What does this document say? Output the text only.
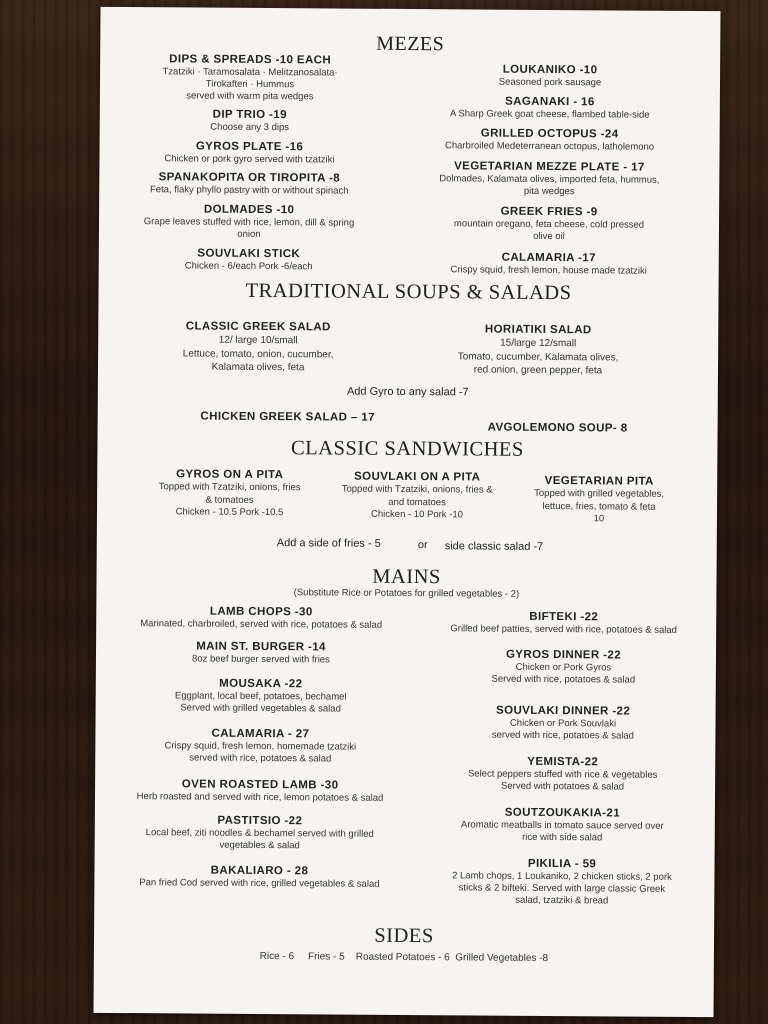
MEZES
DIPS & SPREADS -10 EACH
Tzatziki · Taramosalata · Melitzanosalata·
Tirokafteri · Hummus
served with warm pita wedges
DIP TRIO -19
Choose any 3 dips
GYROS PLATE -16
Chicken or pork gyro served with tzatziki
SPANAKOPITA OR TIROPITA -8
Feta, flaky phyllo pastry with or without spinach
DOLMADES -10
Grape leaves stuffed with rice, lemon, dill & spring
onion
SOUVLAKI STICK
Chicken - 6/each Pork -6/each
LOUKANIKO -10
Seasoned pork sausage
SAGANAKI - 16
A Sharp Greek goat cheese, flambed table-side
GRILLED OCTOPUS -24
Charbroiled Medeterranean octopus, latholemono
VEGETARIAN MEZZE PLATE - 17
Dolmades, Kalamata olives, imported feta, hummus,
pita wedges
GREEK FRIES -9
mountain oregano, feta cheese, cold pressed
olive oil
CALAMARIA -17
Crispy squid, fresh lemon, house made tzatziki
TRADITIONAL SOUPS & SALADS
CLASSIC GREEK SALAD
12/ large 10/small
Lettuce, tomato, onion, cucumber,
Kalamata olives, feta
HORIATIKI SALAD
15/large 12/small
Tomato, cucumber, Kalamata olives,
red onion, green pepper, feta
Add Gyro to any salad -7
CHICKEN GREEK SALAD – 17
AVGOLEMONO SOUP- 8
CLASSIC SANDWICHES
GYROS ON A PITA
Topped with Tzatziki, onions, fries
& tomatoes
Chicken - 10.5 Pork -10.5
SOUVLAKI ON A PITA
Topped with Tzatziki, onions, fries &
and tomatoes
Chicken - 10 Pork -10
VEGETARIAN PITA
Topped with grilled vegetables,
lettuce, fries, tomato & feta
10
Add a side of fries - 5	or	side classic salad -7
MAINS
(Substitute Rice or Potatoes for grilled vegetables - 2)
LAMB CHOPS -30
Marinated, charbroiled, served with rice, potatoes & salad
MAIN ST. BURGER -14
8oz beef burger served with fries
MOUSAKA -22
Eggplant, local beef, potatoes, bechamel
Served with grilled vegetables & salad
CALAMARIA - 27
Crispy squid, fresh lemon, homemade tzatziki
served with rice, potatoes & salad
OVEN ROASTED LAMB -30
Herb roasted and served with rice, lemon potatoes & salad
PASTITSIO -22
Local beef, ziti noodles & bechamel served with grilled
vegetables & salad
BAKALIARO - 28
Pan fried Cod served with rice, grilled vegetables & salad
BIFTEKI -22
Grilled beef patties, served with rice, potatoes & salad
GYROS DINNER -22
Chicken or Pork Gyros
Served with rice, potatoes & salad
SOUVLAKI DINNER -22
Chicken or Pork Souvlaki
served with rice, potatoes & salad
YEMISTA-22
Select peppers stuffed with rice & vegetables
Served with potatoes & salad
SOUTZOUKAKIA-21
Aromatic meatballs in tomato sauce served over
rice with side salad
PIKILIA - 59
2 Lamb chops, 1 Loukaniko, 2 chicken sticks, 2 pork
sticks & 2 bifteki. Served with large classic Greek
salad, tzatziki & bread
SIDES
Rice - 6     Fries - 5    Roasted Potatoes - 6  Grilled Vegetables -8
